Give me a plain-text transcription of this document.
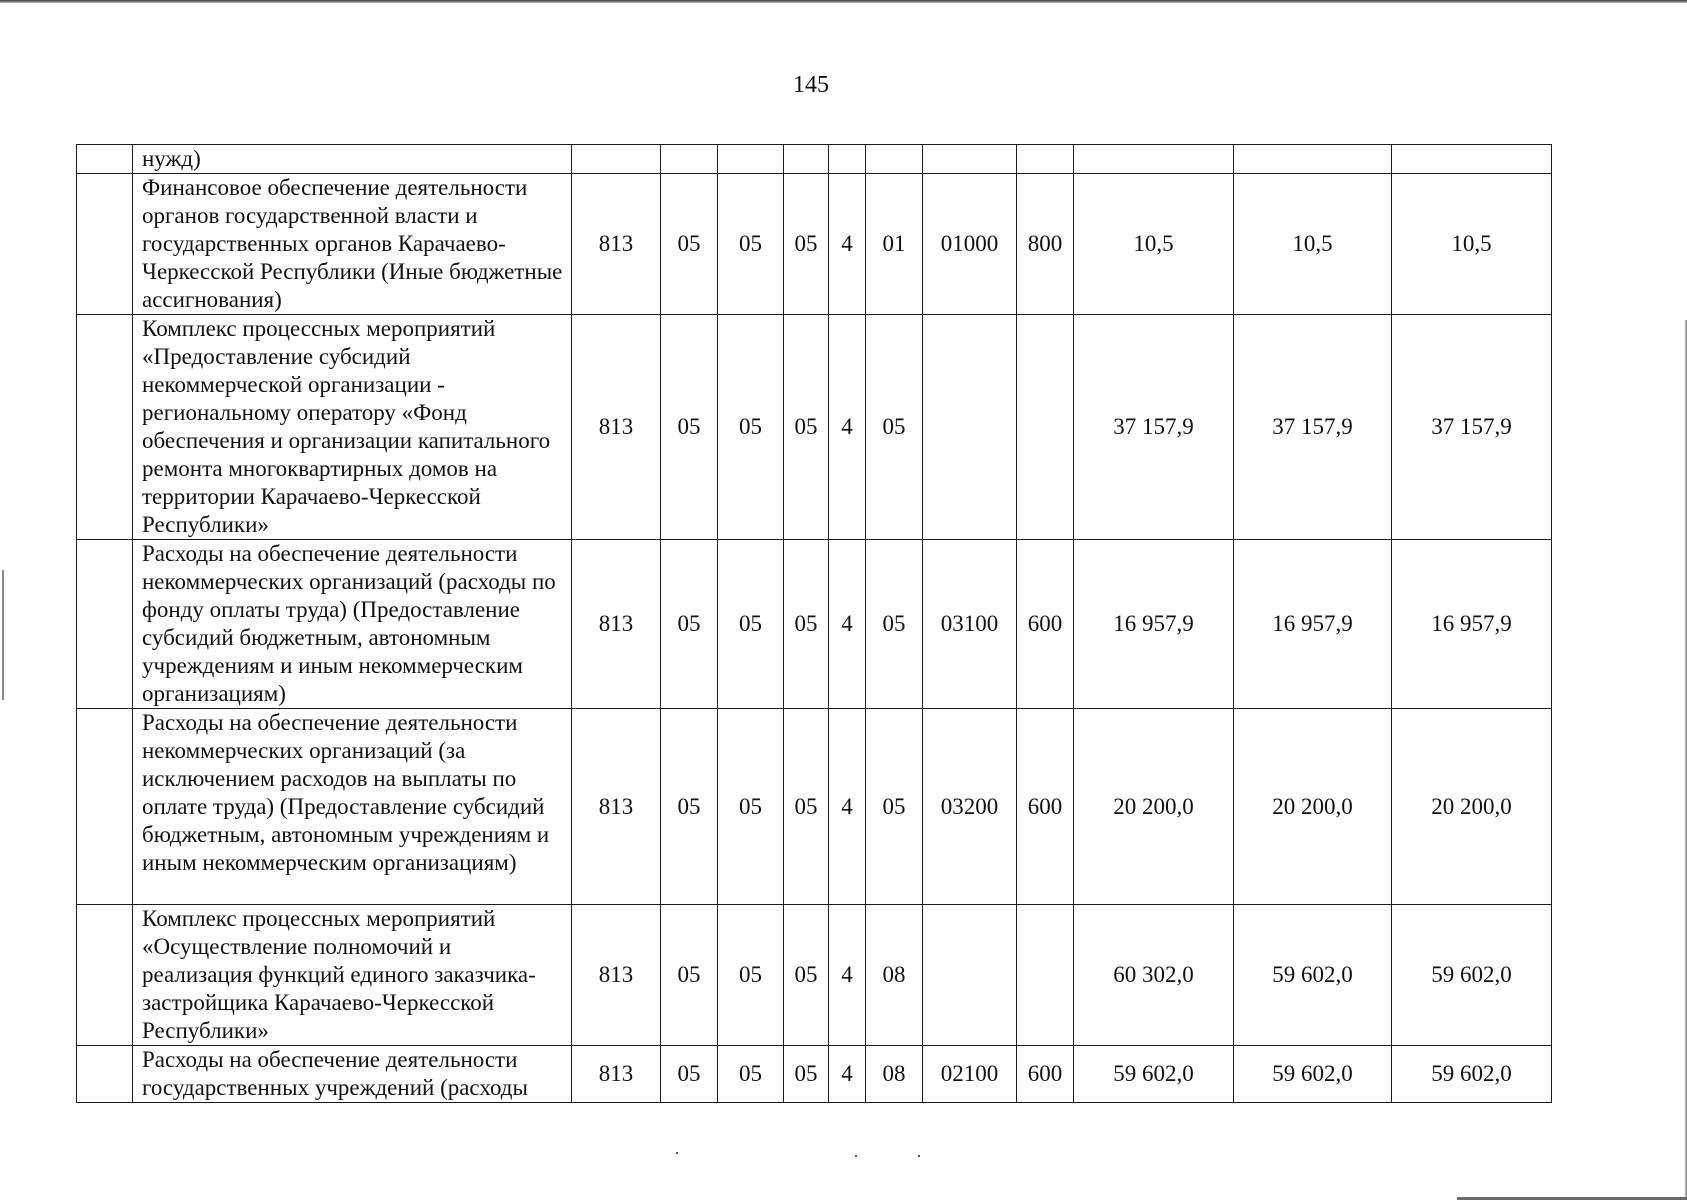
145
	нужд)											
	Финансовое обеспечение деятельности органов государственной власти и государственных органов Карачаево-Черкесской Республики (Иные бюджетные ассигнования)	813	05	05	05	4	01	01000	800	10,5	10,5	10,5
	Комплекс процессных мероприятий «Предоставление субсидий некоммерческой организации - региональному оператору «Фонд обеспечения и организации капитального ремонта многоквартирных домов на территории Карачаево-Черкесской Республики»	813	05	05	05	4	05			37 157,9	37 157,9	37 157,9
	Расходы на обеспечение деятельности некоммерческих организаций (расходы по фонду оплаты труда) (Предоставление субсидий бюджетным, автономным учреждениям и иным некоммерческим организациям)	813	05	05	05	4	05	03100	600	16 957,9	16 957,9	16 957,9
	Расходы на обеспечение деятельности некоммерческих организаций (за исключением расходов на выплаты по оплате труда) (Предоставление субсидий бюджетным, автономным учреждениям и иным некоммерческим организациям)	813	05	05	05	4	05	03200	600	20 200,0	20 200,0	20 200,0
	Комплекс процессных мероприятий «Осуществление полномочий и реализация функций единого заказчика-застройщика Карачаево-Черкесской Республики»	813	05	05	05	4	08			60 302,0	59 602,0	59 602,0
	Расходы на обеспечение деятельности государственных учреждений (расходы	813	05	05	05	4	08	02100	600	59 602,0	59 602,0	59 602,0
